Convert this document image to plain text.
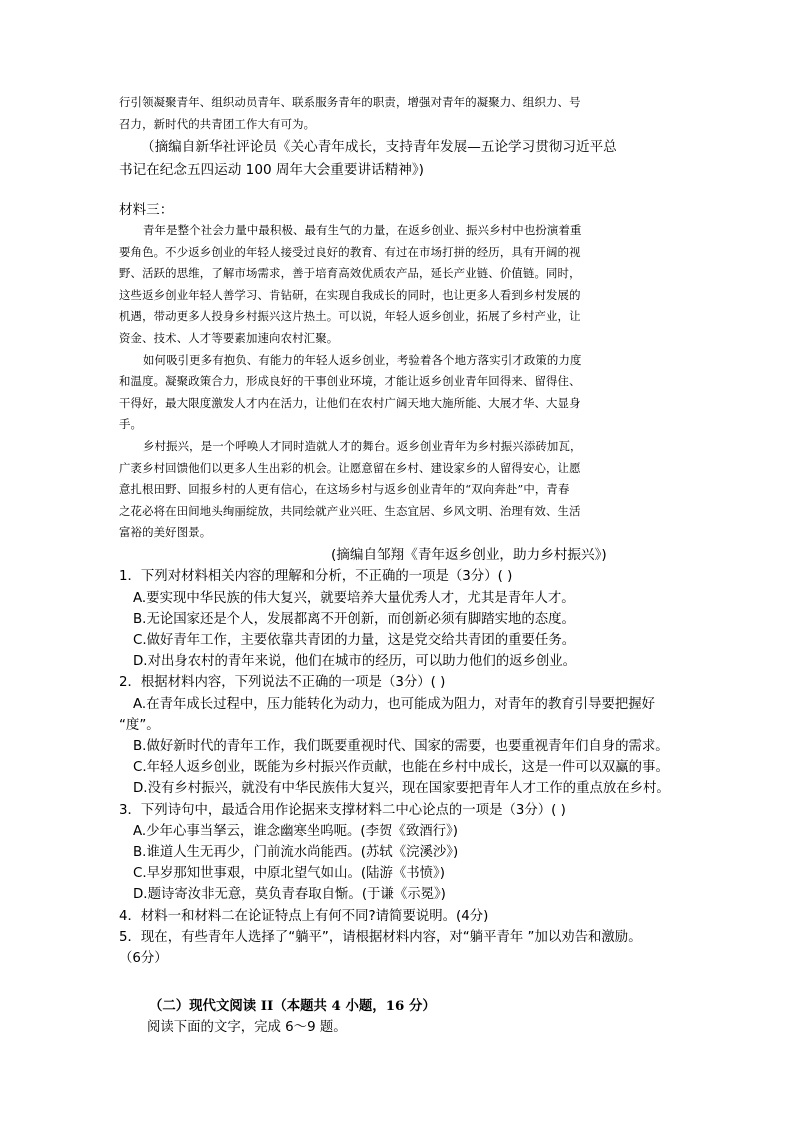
行引领凝聚青年、组织动员青年、联系服务青年的职责，增强对青年的凝聚力、组织力、号
召力，新时代的共青团工作大有可为。
（摘编自新华社评论员《关心青年成长，支持青年发展—五论学习贯彻习近平总
书记在纪念五四运动 100 周年大会重要讲话精神》)
材料三：
青年是整个社会力量中最积极、最有生气的力量，在返乡创业、振兴乡村中也扮演着重
要角色。不少返乡创业的年轻人接受过良好的教育、有过在市场打拼的经历，具有开阔的视
野、活跃的思维，了解市场需求，善于培育高效优质农产品，延长产业链、价值链。同时，
这些返乡创业年轻人善学习、肯钻研，在实现自我成长的同时，也让更多人看到乡村发展的
机遇，带动更多人投身乡村振兴这片热土。可以说，年轻人返乡创业，拓展了乡村产业，让
资金、技术、人才等要素加速向农村汇聚。
如何吸引更多有抱负、有能力的年轻人返乡创业，考验着各个地方落实引才政策的力度
和温度。凝聚政策合力，形成良好的干事创业环境，才能让返乡创业青年回得来、留得住、
干得好，最大限度激发人才内在活力，让他们在农村广阔天地大施所能、大展才华、大显身
手。
乡村振兴，是一个呼唤人才同时造就人才的舞台。返乡创业青年为乡村振兴添砖加瓦，
广袤乡村回馈他们以更多人生出彩的机会。让愿意留在乡村、建设家乡的人留得安心，让愿
意扎根田野、回报乡村的人更有信心，在这场乡村与返乡创业青年的“双向奔赴”中，青春
之花必将在田间地头绚丽绽放，共同绘就产业兴旺、生态宜居、乡风文明、治理有效、生活
富裕的美好图景。
(摘编自邹翔《青年返乡创业，助力乡村振兴》)
1．下列对材料相关内容的理解和分析，不正确的一项是（3分）( )
A.要实现中华民族的伟大复兴，就要培养大量优秀人才，尤其是青年人才。
B.无论国家还是个人，发展都离不开创新，而创新必须有脚踏实地的态度。
C.做好青年工作，主要依靠共青团的力量，这是党交给共青团的重要任务。
D.对出身农村的青年来说，他们在城市的经历，可以助力他们的返乡创业。
2．根据材料内容，下列说法不正确的一项是（3分）( )
A.在青年成长过程中，压力能转化为动力，也可能成为阻力，对青年的教育引导要把握好
“度”。
B.做好新时代的青年工作，我们既要重视时代、国家的需要，也要重视青年们自身的需求。
C.年轻人返乡创业，既能为乡村振兴作贡献，也能在乡村中成长，这是一件可以双赢的事。
D.没有乡村振兴，就没有中华民族伟大复兴，现在国家要把青年人才工作的重点放在乡村。
3．下列诗句中，最适合用作论据来支撑材料二中心论点的一项是（3分）( )
A.少年心事当拏云，谁念幽寒坐呜呃。(李贺《致酒行》)
B.谁道人生无再少，门前流水尚能西。(苏轼《浣溪沙》)
C.早岁那知世事艰，中原北望气如山。(陆游《书愤》)
D.题诗寄汝非无意，莫负青春取自惭。(于谦《示冕》)
4．材料一和材料二在论证特点上有何不同?请简要说明。(4分)
5．现在，有些青年人选择了“躺平”，请根据材料内容，对“躺平青年 ”加以劝告和激励。
（6分）
（二）现代文阅读 II（本题共 4 小题，16 分）
阅读下面的文字，完成 6～9 题。
